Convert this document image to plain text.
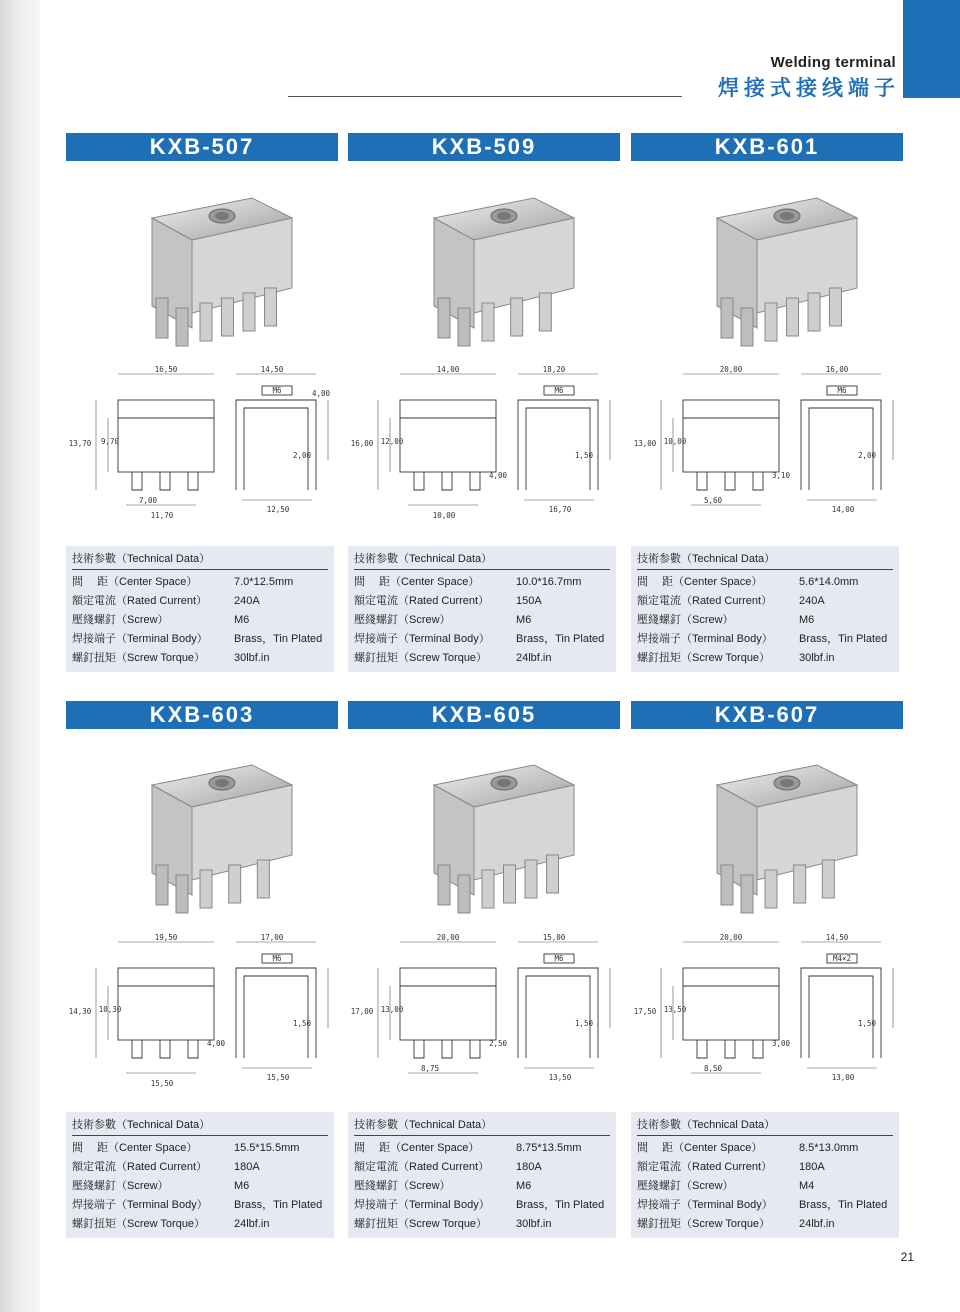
Welding terminal
焊接式接线端子
KXB-507
16,50	14,50
M6	4,00
9,70
13,70
2,00
7,00
11,70
12,50
技術参數（Technical Data）
間　 距（Center Space）	7.0*12.5mm
額定電流（Rated Current）	240A
壓綫螺釘（Screw）	M6
焊接端子（Terminal Body）	Brass，Tin Plated
螺釘扭矩（Screw Torque）	30lbf.in
KXB-509
14,00	18,20
M6
12,00
16,00
1,50
4,00
10,00
16,70
技術参數（Technical Data）
間　 距（Center Space）	10.0*16.7mm
額定電流（Rated Current）	150A
壓綫螺釘（Screw）	M6
焊接端子（Terminal Body）	Brass，Tin Plated
螺釘扭矩（Screw Torque）	24lbf.in
KXB-601
20,00	16,00
M6
10,00
13,00
2,00
3,10
5,60
14,00
技術参數（Technical Data）
間　 距（Center Space）	5.6*14.0mm
額定電流（Rated Current）	240A
壓綫螺釘（Screw）	M6
焊接端子（Terminal Body）	Brass，Tin Plated
螺釘扭矩（Screw Torque）	30lbf.in
KXB-603
19,50	17,00
M6
10,30
14,30
1,50
4,00
15,50
15,50
技術参數（Technical Data）
間　 距（Center Space）	15.5*15.5mm
額定電流（Rated Current）	180A
壓綫螺釘（Screw）	M6
焊接端子（Terminal Body）	Brass，Tin Plated
螺釘扭矩（Screw Torque）	24lbf.in
KXB-605
20,00	15,00
M6
13,00
17,00
1,50
2,50
8,75
13,50
技術参數（Technical Data）
間　 距（Center Space）	8.75*13.5mm
額定電流（Rated Current）	180A
壓綫螺釘（Screw）	M6
焊接端子（Terminal Body）	Brass，Tin Plated
螺釘扭矩（Screw Torque）	30lbf.in
KXB-607
20,00	14,50
M4×2
13,50
17,50
1,50
3,00
8,50
13,00
技術参數（Technical Data）
間　 距（Center Space）	8.5*13.0mm
額定電流（Rated Current）	180A
壓綫螺釘（Screw）	M4
焊接端子（Terminal Body）	Brass，Tin Plated
螺釘扭矩（Screw Torque）	24lbf.in
21
